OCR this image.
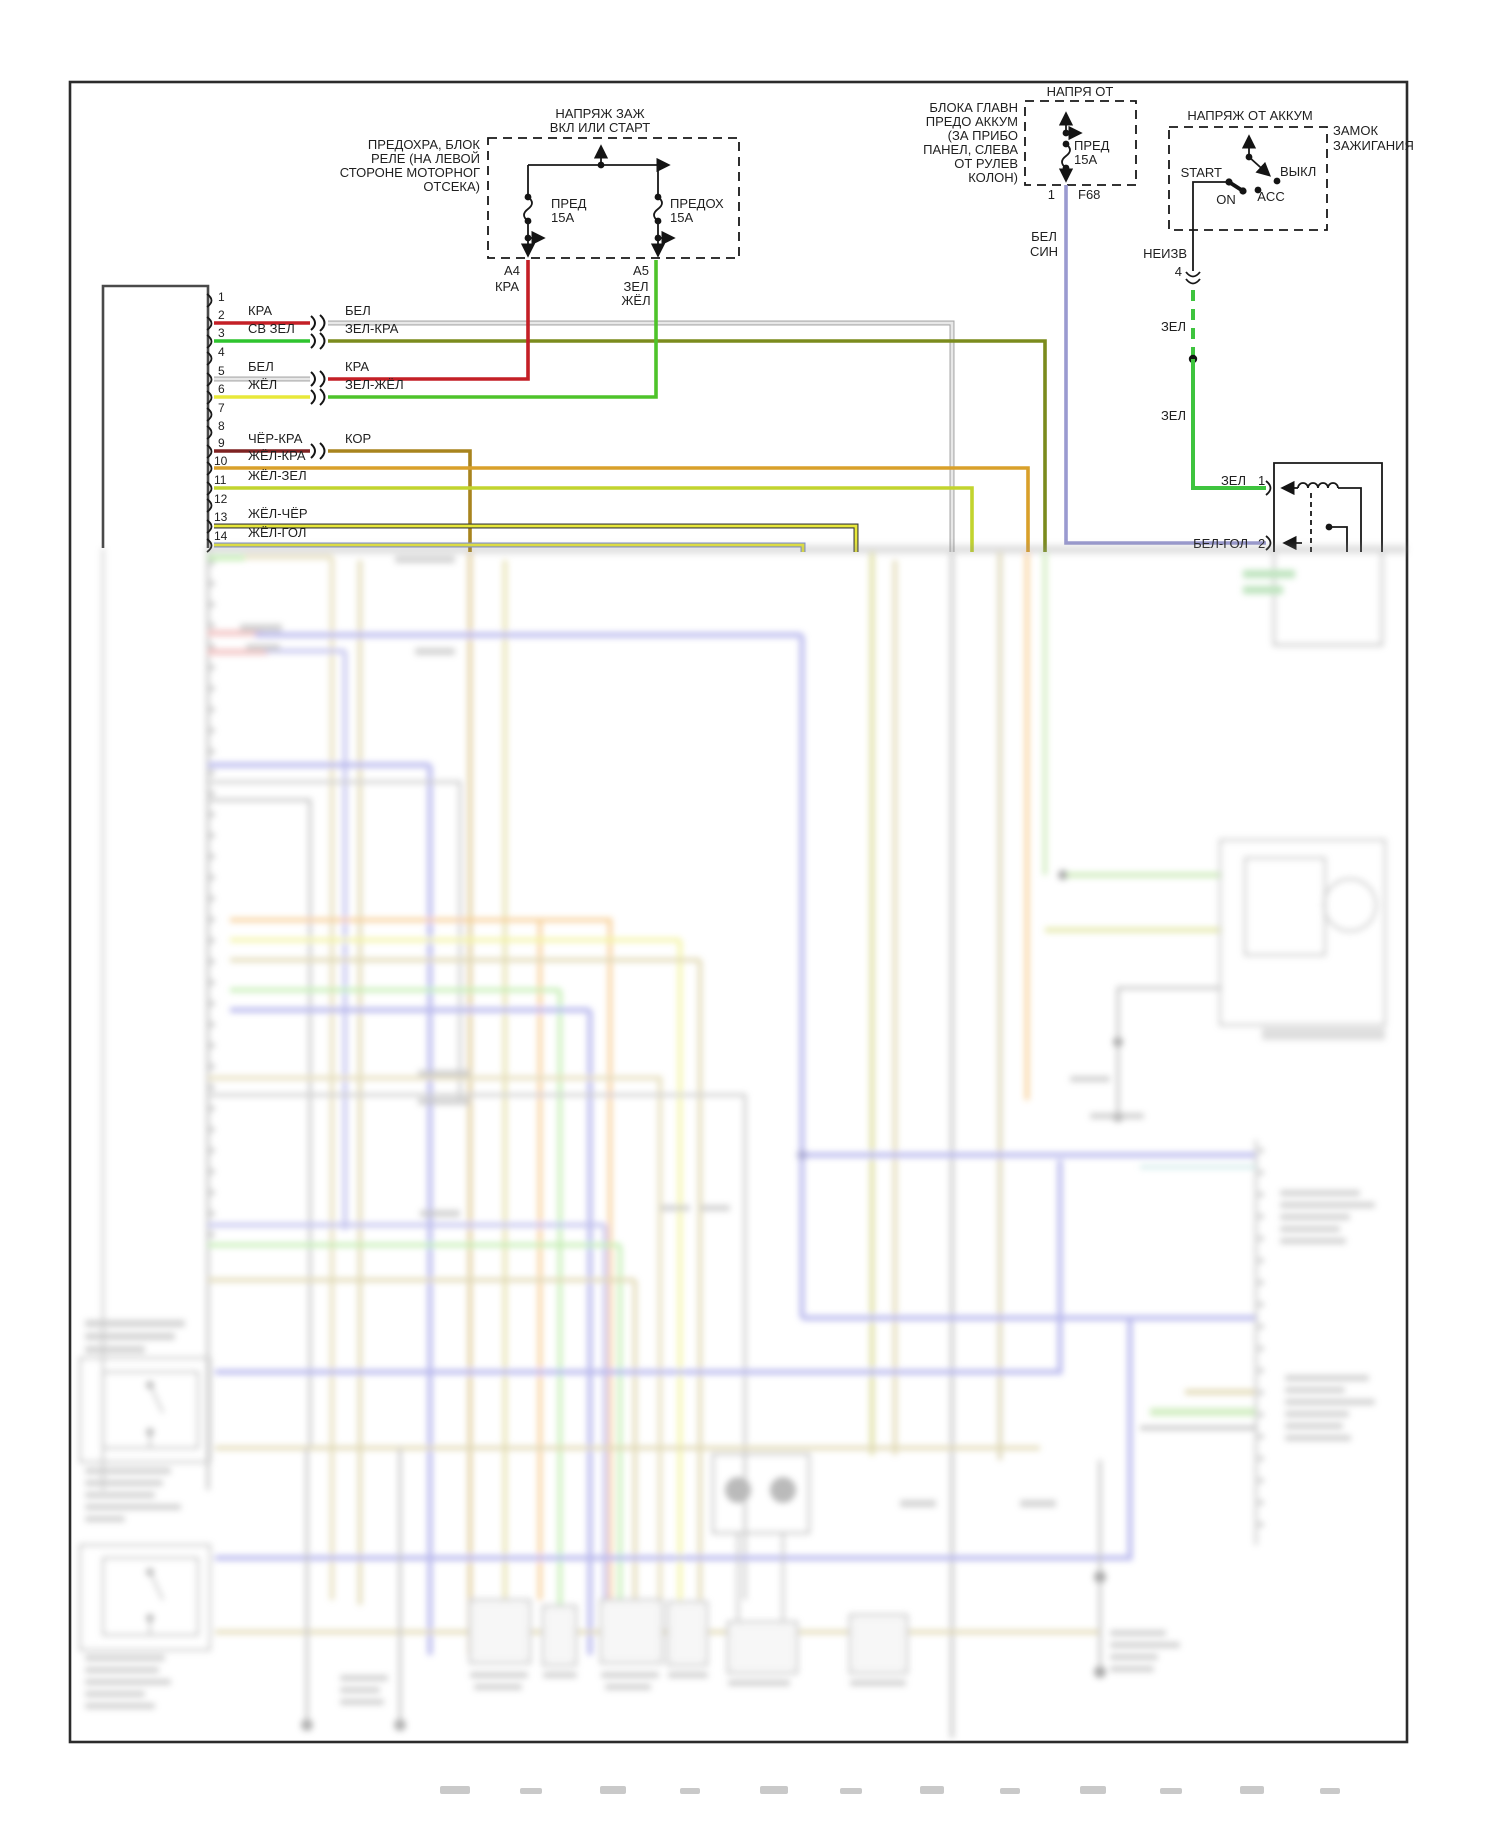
НАПРЯЖ ЗАЖ
ВКЛ ИЛИ СТАРТ
ПРЕДОХРА, БЛОК
РЕЛЕ (НА ЛЕВОЙ
СТОРОНЕ МОТОРНОГ
ОТСЕКА)
ПРЕД
15А
ПРЕДОХ
15А
А4
КРА
А5
ЗЕЛ
ЖЁЛ
НАПРЯ ОТ
БЛОКА ГЛАВН
ПРЕДО АККУМ
(ЗА ПРИБО
ПАНЕЛ, СЛЕВА
ОТ РУЛЕВ
КОЛОН)
ПРЕД
15А
1 F68
БЕЛ
СИН
НАПРЯЖ ОТ АККУМ
ЗАМОК
ЗАЖИГАНИЯ
ВЫКЛ
START
ON ACC
НЕИЗВ
4
ЗЕЛ
ЗЕЛ
ЗЕЛ 1
БЕЛ-ГОЛ 2
1
2
3
4
5
6
7
8
9
10
11
12
13
14
КРА	БЕЛ
СВ ЗЕЛ	ЗЕЛ-КРА
БЕЛ	КРА
ЖЁЛ	ЗЕЛ-ЖЁЛ
ЧЁР-КРА	КОР
ЖЁЛ-КРА
ЖЁЛ-ЗЕЛ
ЖЁЛ-ЧЁР
ЖЁЛ-ГОЛ
